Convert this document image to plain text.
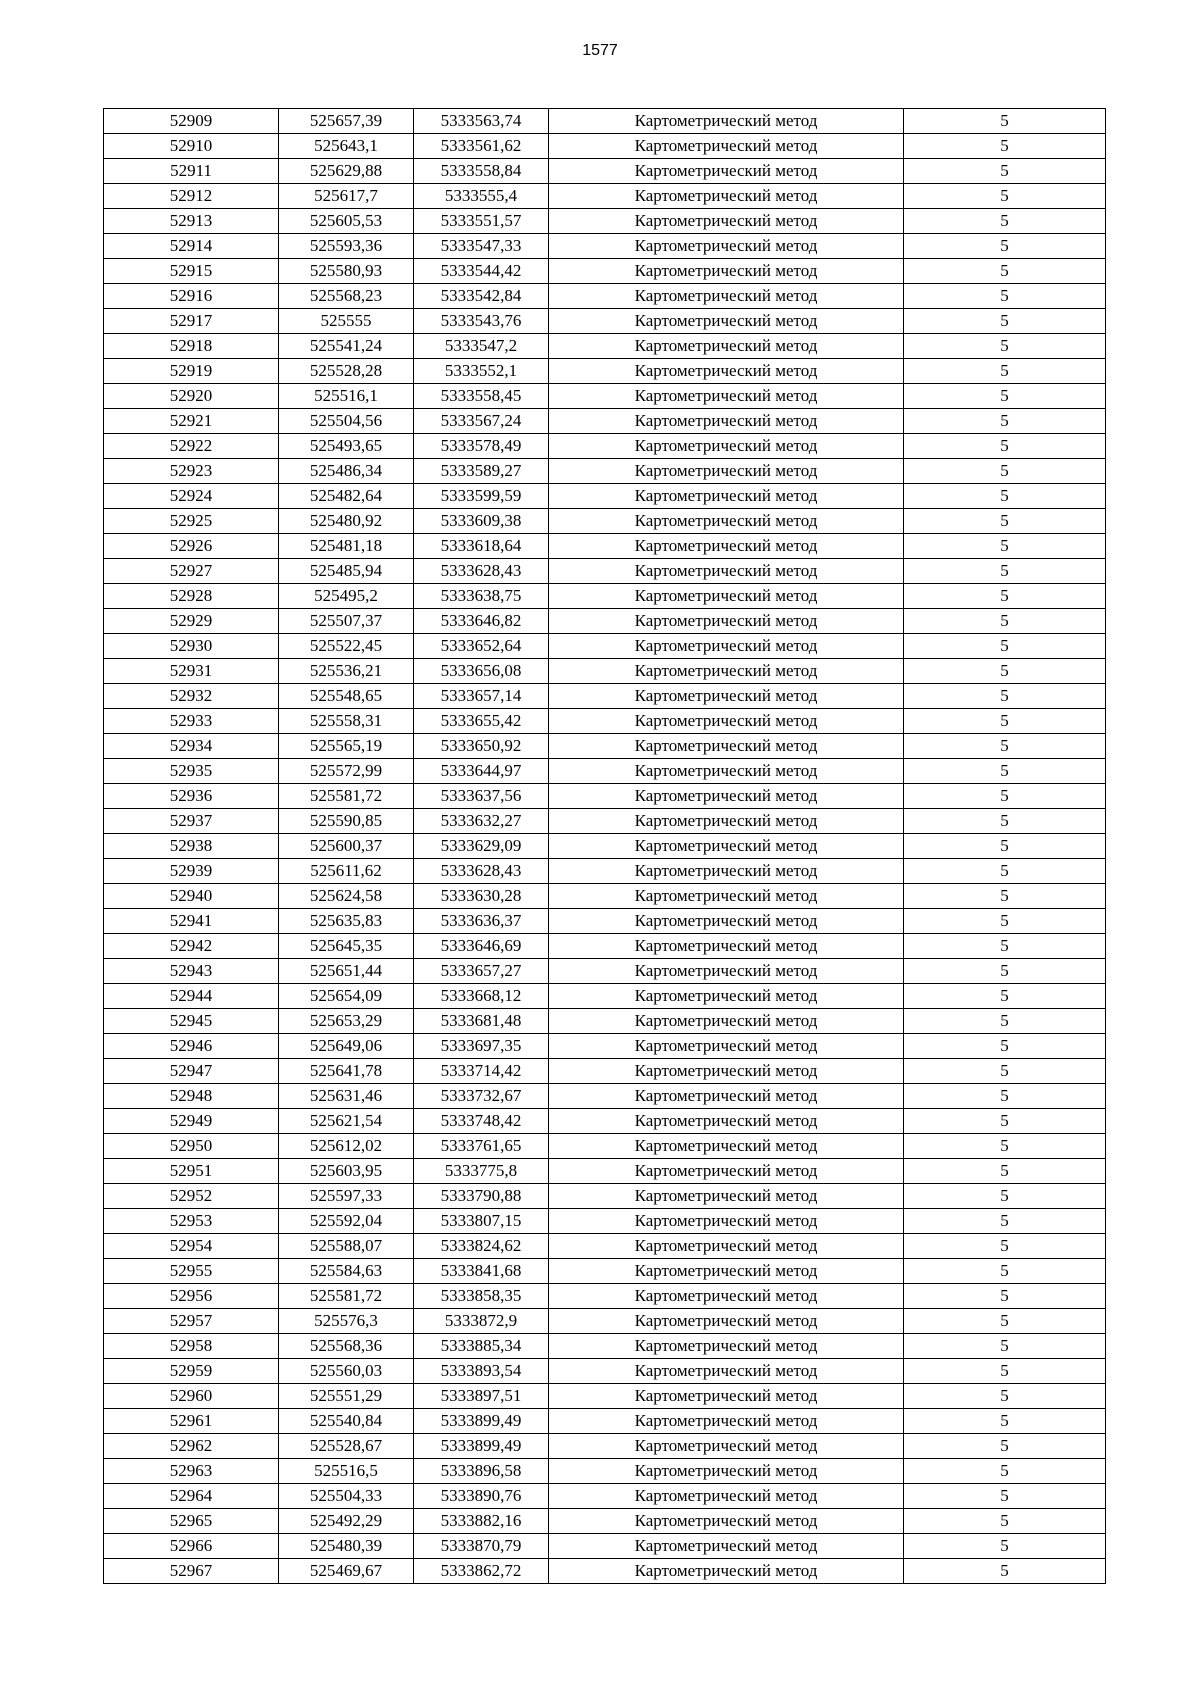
1577
52909	525657,39	5333563,74	Картометрический метод	5
52910	525643,1	5333561,62	Картометрический метод	5
52911	525629,88	5333558,84	Картометрический метод	5
52912	525617,7	5333555,4	Картометрический метод	5
52913	525605,53	5333551,57	Картометрический метод	5
52914	525593,36	5333547,33	Картометрический метод	5
52915	525580,93	5333544,42	Картометрический метод	5
52916	525568,23	5333542,84	Картометрический метод	5
52917	525555	5333543,76	Картометрический метод	5
52918	525541,24	5333547,2	Картометрический метод	5
52919	525528,28	5333552,1	Картометрический метод	5
52920	525516,1	5333558,45	Картометрический метод	5
52921	525504,56	5333567,24	Картометрический метод	5
52922	525493,65	5333578,49	Картометрический метод	5
52923	525486,34	5333589,27	Картометрический метод	5
52924	525482,64	5333599,59	Картометрический метод	5
52925	525480,92	5333609,38	Картометрический метод	5
52926	525481,18	5333618,64	Картометрический метод	5
52927	525485,94	5333628,43	Картометрический метод	5
52928	525495,2	5333638,75	Картометрический метод	5
52929	525507,37	5333646,82	Картометрический метод	5
52930	525522,45	5333652,64	Картометрический метод	5
52931	525536,21	5333656,08	Картометрический метод	5
52932	525548,65	5333657,14	Картометрический метод	5
52933	525558,31	5333655,42	Картометрический метод	5
52934	525565,19	5333650,92	Картометрический метод	5
52935	525572,99	5333644,97	Картометрический метод	5
52936	525581,72	5333637,56	Картометрический метод	5
52937	525590,85	5333632,27	Картометрический метод	5
52938	525600,37	5333629,09	Картометрический метод	5
52939	525611,62	5333628,43	Картометрический метод	5
52940	525624,58	5333630,28	Картометрический метод	5
52941	525635,83	5333636,37	Картометрический метод	5
52942	525645,35	5333646,69	Картометрический метод	5
52943	525651,44	5333657,27	Картометрический метод	5
52944	525654,09	5333668,12	Картометрический метод	5
52945	525653,29	5333681,48	Картометрический метод	5
52946	525649,06	5333697,35	Картометрический метод	5
52947	525641,78	5333714,42	Картометрический метод	5
52948	525631,46	5333732,67	Картометрический метод	5
52949	525621,54	5333748,42	Картометрический метод	5
52950	525612,02	5333761,65	Картометрический метод	5
52951	525603,95	5333775,8	Картометрический метод	5
52952	525597,33	5333790,88	Картометрический метод	5
52953	525592,04	5333807,15	Картометрический метод	5
52954	525588,07	5333824,62	Картометрический метод	5
52955	525584,63	5333841,68	Картометрический метод	5
52956	525581,72	5333858,35	Картометрический метод	5
52957	525576,3	5333872,9	Картометрический метод	5
52958	525568,36	5333885,34	Картометрический метод	5
52959	525560,03	5333893,54	Картометрический метод	5
52960	525551,29	5333897,51	Картометрический метод	5
52961	525540,84	5333899,49	Картометрический метод	5
52962	525528,67	5333899,49	Картометрический метод	5
52963	525516,5	5333896,58	Картометрический метод	5
52964	525504,33	5333890,76	Картометрический метод	5
52965	525492,29	5333882,16	Картометрический метод	5
52966	525480,39	5333870,79	Картометрический метод	5
52967	525469,67	5333862,72	Картометрический метод	5
